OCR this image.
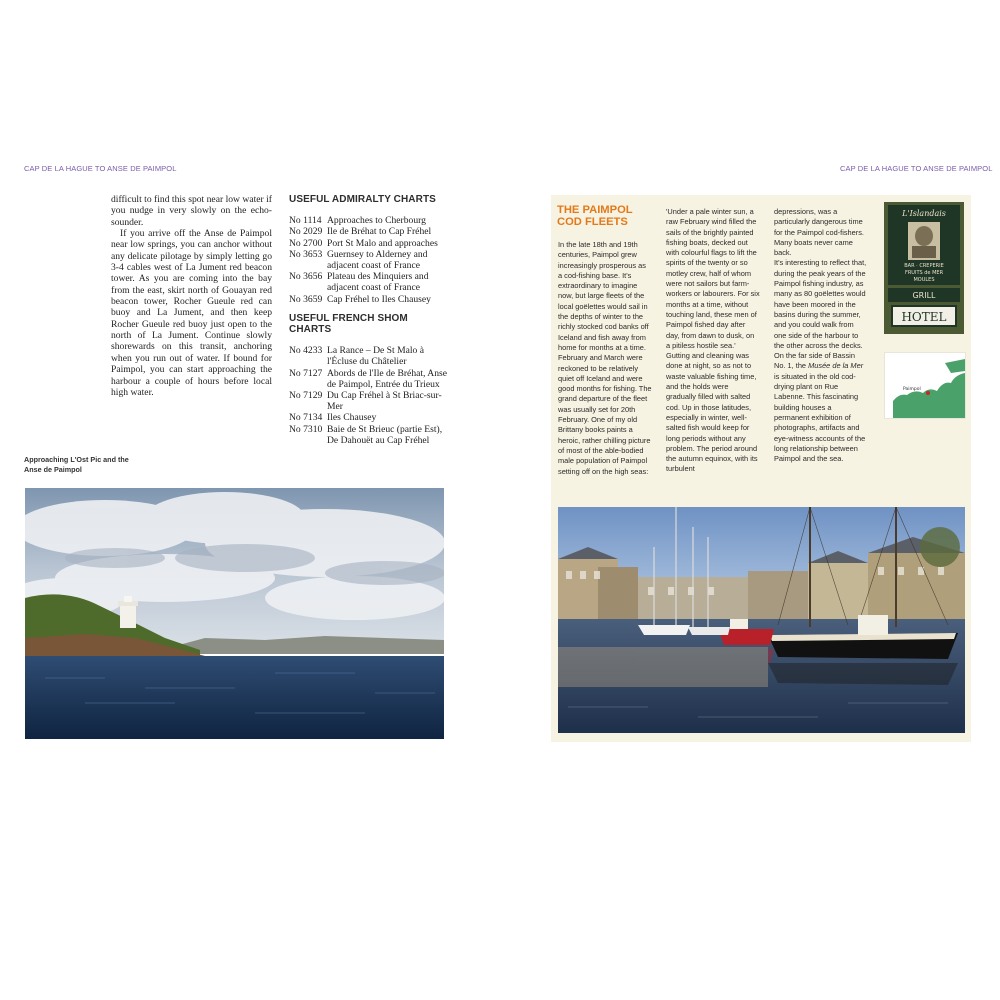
CAP DE LA HAGUE TO ANSE DE PAIMPOL	CAP DE LA HAGUE TO ANSE DE PAIMPOL

difficult to find this spot near low water if you nudge in very slowly on the echo-sounder.

If you arrive off the Anse de Paimpol near low springs, you can anchor without any delicate pilotage by simply letting go 3-4 cables west of La Jument red beacon tower. As you are coming into the bay from the east, skirt north of Gouayan red beacon tower, Rocher Gueule red can buoy and La Jument, and then keep Rocher Gueule red buoy just open to the north of La Jument. Continue slowly shorewards on this transit, anchoring when you run out of water. If bound for Paimpol, you can start approaching the harbour a couple of hours before local high water.

USEFUL ADMIRALTY CHARTS
No 1114 Approaches to Cherbourg
No 2029 Ile de Bréhat to Cap Fréhel
No 2700 Port St Malo and approaches
No 3653 Guernsey to Alderney and adjacent coast of France
No 3656 Plateau des Minquiers and adjacent coast of France
No 3659 Cap Fréhel to Iles Chausey
USEFUL FRENCH SHOM CHARTS
No 4233 La Rance – De St Malo à l'Écluse du Châtelier
No 7127 Abords de l'Ile de Bréhat, Anse de Paimpol, Entrée du Trieux
No 7129 Du Cap Fréhel à St Briac-sur-Mer
No 7134 Iles Chausey
No 7310 Baie de St Brieuc (partie Est), De Dahouët au Cap Fréhel
Approaching L'Ost Pic and the Anse de Paimpol
THE PAIMPOL
COD FLEETS

In the late 18th and 19th centuries, Paimpol grew increasingly prosperous as a cod-fishing base. It's extraordinary to imagine now, but large fleets of the local goëlettes would sail in the depths of winter to the richly stocked cod banks off Iceland and fish away from home for months at a time. February and March were reckoned to be relatively quiet off Iceland and were good months for fishing. The grand departure of the fleet was usually set for 20th February. One of my old Brittany books paints a heroic, rather chilling picture of most of the able-bodied male population of Paimpol setting off on the high seas:

'Under a pale winter sun, a raw February wind filled the sails of the brightly painted fishing boats, decked out with colourful flags to lift the spirits of the twenty or so motley crew, half of whom were not sailors but farm-workers or labourers. For six months at a time, without touching land, these men of Paimpol fished day after day, from dawn to dusk, on a pitiless hostile sea.'

Gutting and cleaning was done at night, so as not to waste valuable fishing time, and the holds were gradually filled with salted cod. Up in those latitudes, especially in winter, well-salted fish would keep for long periods without any problem. The period around the autumn equinox, with its turbulent

depressions, was a particularly dangerous time for the Paimpol cod-fishers. Many boats never came back.

It's interesting to reflect that, during the peak years of the Paimpol fishing industry, as many as 80 goëlettes would have been moored in the basins during the summer, and you could walk from one side of the harbour to the other across the decks.

On the far side of Bassin No. 1, the Musée de la Mer is situated in the old cod-drying plant on Rue Labenne. This fascinating building houses a permanent exhibition of photographs, artifacts and eye-witness accounts of the long relationship between Paimpol and the sea.

L'Islandais
BAR · CREPERIE
FRUITS de MER
MOULES
GRILL
HOTEL
Paimpol
